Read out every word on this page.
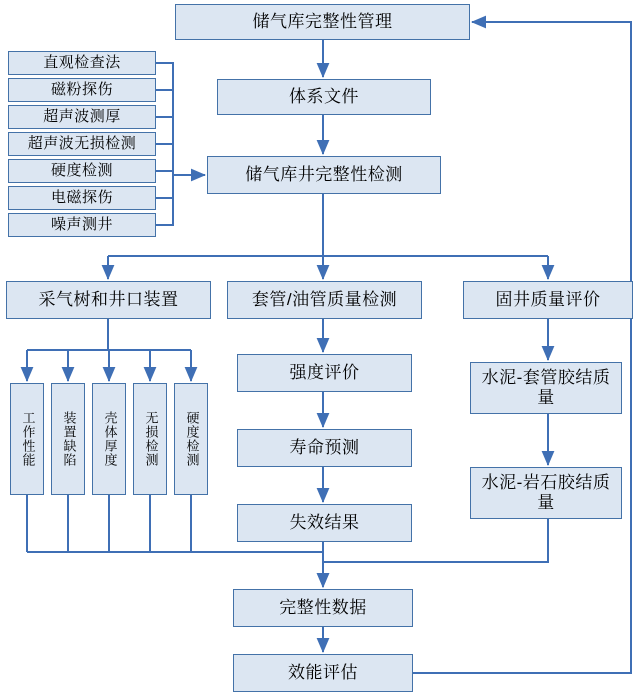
储气库完整性管理
体系文件
储气库井完整性检测
直观检查法
磁粉探伤
超声波测厚
超声波无损检测
硬度检测
电磁探伤
噪声测井
采气树和井口装置	套管/油管质量检测	固井质量评价
工作性能 装置缺陷 壳体厚度 无损检测 硬度检测
强度评价
寿命预测
失效结果
水泥-套管胶结质量
水泥-岩石胶结质量
完整性数据
效能评估
